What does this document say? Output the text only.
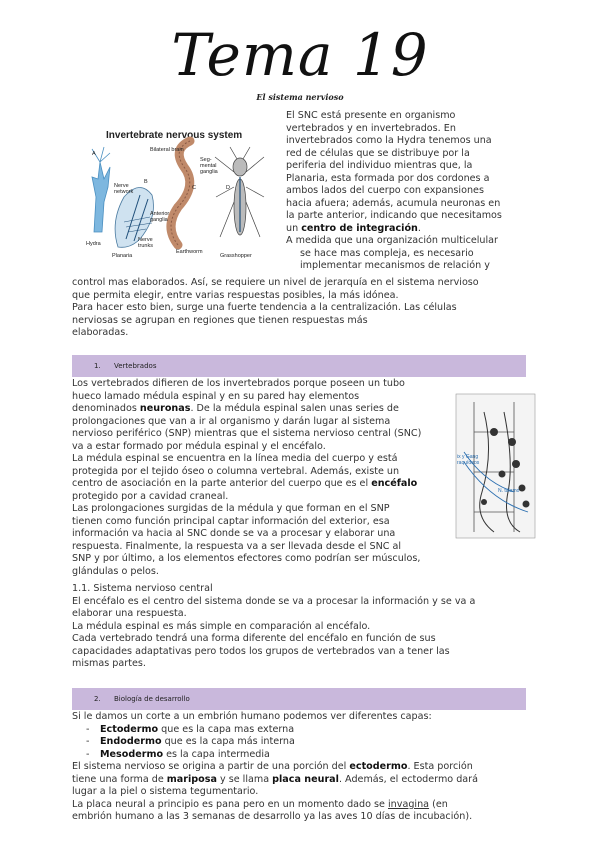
Tema 19
El sistema nervioso
Invertebrate nervous system
A
B
C	D
Bilateral brain
Seg-mental ganglia
Nerve network
Anterior ganglia
Nerve trunks
Hydra
Planaria
Earthworm
Grasshopper

El SNC está presente en organismo

vertebrados y en invertebrados. En

invertebrados como la Hydra tenemos una

red de células que se distribuye por la

periferia del individuo mientras que, la

Planaria, esta formada por dos cordones a

ambos lados del cuerpo con expansiones

hacia afuera; además, acumula neuronas en

la parte anterior, indicando que necesitamos

un centro de integración.

A medida que una organización multicelular

se hace mas compleja, es necesario

implementar mecanismos de relación y

control mas elaborados. Así, se requiere un nivel de jerarquía en el sistema nervioso

que permita elegir, entre varias respuestas posibles, la más idónea.

Para hacer esto bien, surge una fuerte tendencia a la centralización. Las células

nerviosas se agrupan en regiones que tienen respuestas más

elaboradas.

1. Vertebrados
ix y Gang raquídeos
N. tálamo

Los vertebrados difieren de los invertebrados porque poseen un tubo

hueco lamado médula espinal y en su pared hay elementos

denominados neuronas. De la médula espinal salen unas series de

prolongaciones que van a ir al organismo y darán lugar al sistema

nervioso periférico (SNP) mientras que el sistema nervioso central (SNC)

va a estar formado por médula espinal y el encéfalo.

La médula espinal se encuentra en la línea media del cuerpo y está

protegida por el tejido óseo o columna vertebral. Además, existe un

centro de asociación en la parte anterior del cuerpo que es el encéfalo

protegido por a cavidad craneal.

Las prolongaciones surgidas de la médula y que forman en el SNP

tienen como función principal captar información del exterior, esa

información va hacia al SNC donde se va a procesar y elaborar una

respuesta. Finalmente, la respuesta va a ser llevada desde el SNC al

SNP y por último, a los elementos efectores como podrían ser músculos,

glándulas o pelos.

1.1. Sistema nervioso central

El encéfalo es el centro del sistema donde se va a procesar la información y se va a

elaborar una respuesta.

La médula espinal es más simple en comparación al encéfalo.

Cada vertebrado tendrá una forma diferente del encéfalo en función de sus

capacidades adaptativas pero todos los grupos de vertebrados van a tener las

mismas partes.

2. Biología de desarrollo

Si le damos un corte a un embrión humano podemos ver diferentes capas:

- Ectodermo que es la capa mas externa
- Endodermo que es la capa más interna
- Mesodermo es la capa intermedia

El sistema nervioso se origina a partir de una porción del ectodermo. Esta porción

tiene una forma de mariposa y se llama placa neural. Además, el ectodermo dará

lugar a la piel o sistema tegumentario.

La placa neural a principio es pana pero en un momento dado se invagina (en

embrión humano a las 3 semanas de desarrollo ya las aves 10 días de incubación).
